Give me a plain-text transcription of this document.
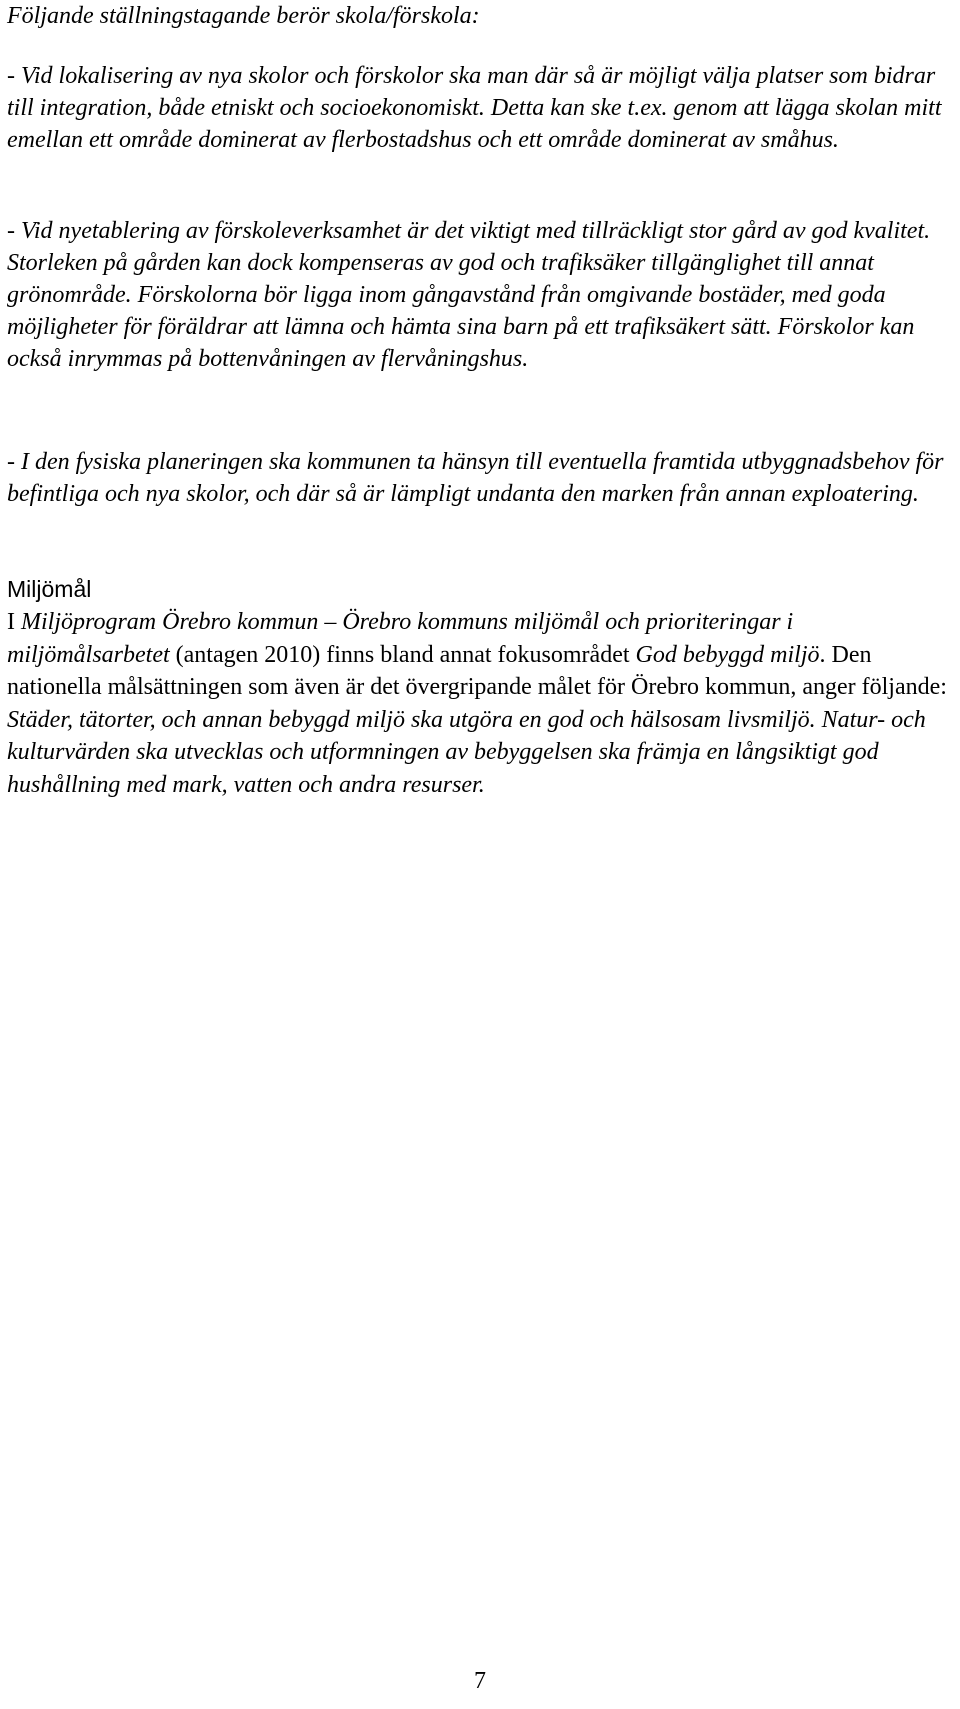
Följande ställningstagande berör skola/förskola:

- Vid lokalisering av nya skolor och förskolor ska man där så är möjligt välja platser som bidrar till integration, både etniskt och socioekonomiskt. Detta kan ske t.ex. genom att lägga skolan mitt emellan ett område dominerat av flerbostadshus och ett område dominerat av småhus.

- Vid nyetablering av förskoleverksamhet är det viktigt med tillräckligt stor gård av god kvalitet. Storleken på gården kan dock kompenseras av god och trafiksäker tillgänglighet till annat grönområde. Förskolorna bör ligga inom gångavstånd från omgivande bostäder, med goda möjligheter för föräldrar att lämna och hämta sina barn på ett trafiksäkert sätt. Förskolor kan också inrymmas på bottenvåningen av flervåningshus.

- I den fysiska planeringen ska kommunen ta hänsyn till eventuella framtida utbyggnadsbehov för befintliga och nya skolor, och där så är lämpligt undanta den marken från annan exploatering.

Miljömål

I Miljöprogram Örebro kommun – Örebro kommuns miljömål och prioriteringar i miljömålsarbetet (antagen 2010) finns bland annat fokusområdet God bebyggd miljö. Den nationella målsättningen som även är det övergripande målet för Örebro kommun, anger följande: Städer, tätorter, och annan bebyggd miljö ska utgöra en god och hälsosam livsmiljö. Natur- och kulturvärden ska utvecklas och utformningen av bebyggelsen ska främja en långsiktigt god hushållning med mark, vatten och andra resurser.

7
